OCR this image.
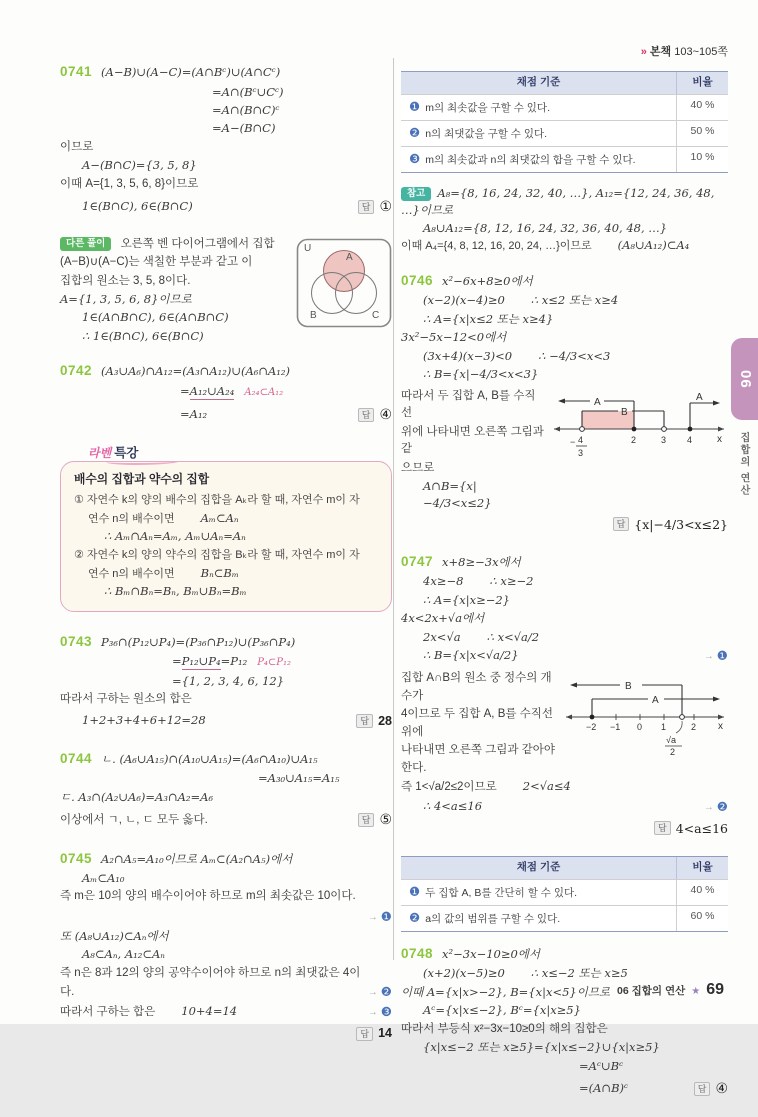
0741 (A−B)∪(A−C)=(A∩Bᶜ)∪(A∩Cᶜ)
=A∩(Bᶜ∪Cᶜ)
=A∩(B∩C)ᶜ
=A−(B∩C)
이므로
A−(B∩C)={3, 5, 8}
이때 A={1, 3, 5, 6, 8}이므로
1∈(B∩C), 6∈(B∩C)	답 ①
U
A
B	C
다른 풀이 오른쪽 벤 다이어그램에서 집합
(A−B)∪(A−C)는 색칠한 부분과 같고 이
집합의 원소는 3, 5, 8이다.
A={1, 3, 5, 6, 8}이므로
1∈(A∩B∩C), 6∈(A∩B∩C)
∴ 1∈(B∩C), 6∈(B∩C)
0742 (A₃∪A₆)∩A₁₂=(A₃∩A₁₂)∪(A₆∩A₁₂)
=A₁₂∪A₂₄ A₂₄⊂A₁₂
=A₁₂	답 ④
라벤 특강
배수의 집합과 약수의 집합
① 자연수 k의 양의 배수의 집합을 Aₖ라 할 때, 자연수 m이 자
연수 n의 배수이면 Aₘ⊂Aₙ
∴ Aₘ∩Aₙ=Aₘ, Aₘ∪Aₙ=Aₙ
② 자연수 k의 양의 약수의 집합을 Bₖ라 할 때, 자연수 m이 자
연수 n의 배수이면 Bₙ⊂Bₘ
∴ Bₘ∩Bₙ=Bₙ, Bₘ∪Bₙ=Bₘ
0743 P₃₆∩(P₁₂∪P₄)=(P₃₆∩P₁₂)∪(P₃₆∩P₄)
=P₁₂∪P₄=P₁₂ P₄⊂P₁₂
={1, 2, 3, 4, 6, 12}
따라서 구하는 원소의 합은
1+2+3+4+6+12=28	답 28
0744 ㄴ. (A₆∪A₁₅)∩(A₁₀∪A₁₅)=(A₆∩A₁₀)∪A₁₅
=A₃₀∪A₁₅=A₁₅
ㄷ. A₃∩(A₂∪A₆)=A₃∩A₂=A₆
이상에서 ㄱ, ㄴ, ㄷ 모두 옳다.	답 ⑤
0745 A₂∩A₅=A₁₀이므로 Aₘ⊂(A₂∩A₅)에서
Aₘ⊂A₁₀
즉 m은 10의 양의 배수이어야 하므로 m의 최솟값은 10이다.
→ ❶
또 (A₈∪A₁₂)⊂Aₙ에서
A₈⊂Aₙ, A₁₂⊂Aₙ
즉 n은 8과 12의 양의 공약수이어야 하므로 n의 최댓값은 4이
다.	→ ❷
따라서 구하는 합은 10+4=14	→ ❸
답 14
» 본책 103~105쪽
채점 기준	비율
❶ m의 최솟값을 구할 수 있다.	40 %
❷ n의 최댓값을 구할 수 있다.	50 %
❸ m의 최솟값과 n의 최댓값의 합을 구할 수 있다.	10 %
참고 A₈={8, 16, 24, 32, 40, …}, A₁₂={12, 24, 36, 48, …}이므로
A₈∪A₁₂={8, 12, 16, 24, 32, 36, 40, 48, …}
이때 A₄={4, 8, 12, 16, 20, 24, …}이므로 (A₈∪A₁₂)⊂A₄
0746 x²−6x+8≥0에서
(x−2)(x−4)≥0 ∴ x≤2 또는 x≥4
∴ A={x|x≤2 또는 x≥4}
3x²−5x−12<0에서
(3x+4)(x−3)<0 ∴ −4/3<x<3
∴ B={x|−4/3<x<3}
따라서 두 집합 A, B를 수직선
위에 나타내면 오른쪽 그림과 같
으므로
A∩B={x|−4/3<x≤2}
A	A
B
− 4
3
2	3 4 x
답 {x|−4/3<x≤2}
0747 x+8≥−3x에서
4x≥−8 ∴ x≥−2
∴ A={x|x≥−2}
4x<2x+√a에서
2x<√a ∴ x<√a/2
∴ B={x|x<√a/2}	→ ❶
집합 A∩B의 원소 중 정수의 개수가
4이므로 두 집합 A, B를 수직선 위에
나타내면 오른쪽 그림과 같아야 한다.
B
A
−2 −1 0 1	2 x
√a
2
즉 1<√a/2≤2이므로 2<√a≤4
∴ 4<a≤16	→ ❷
답 4<a≤16
채점 기준	비율
❶ 두 집합 A, B를 간단히 할 수 있다.	40 %
❷ a의 값의 범위를 구할 수 있다.	60 %
0748 x²−3x−10≥0에서
(x+2)(x−5)≥0 ∴ x≤−2 또는 x≥5
이때 A={x|x>−2}, B={x|x<5}이므로
Aᶜ={x|x≤−2}, Bᶜ={x|x≥5}
따라서 부등식 x²−3x−10≥0의 해의 집합은
{x|x≤−2 또는 x≥5}={x|x≤−2}∪{x|x≥5}
=Aᶜ∪Bᶜ
=(A∩B)ᶜ	답 ④
06
집합의 연산
06 집합의 연산 ★ 69
